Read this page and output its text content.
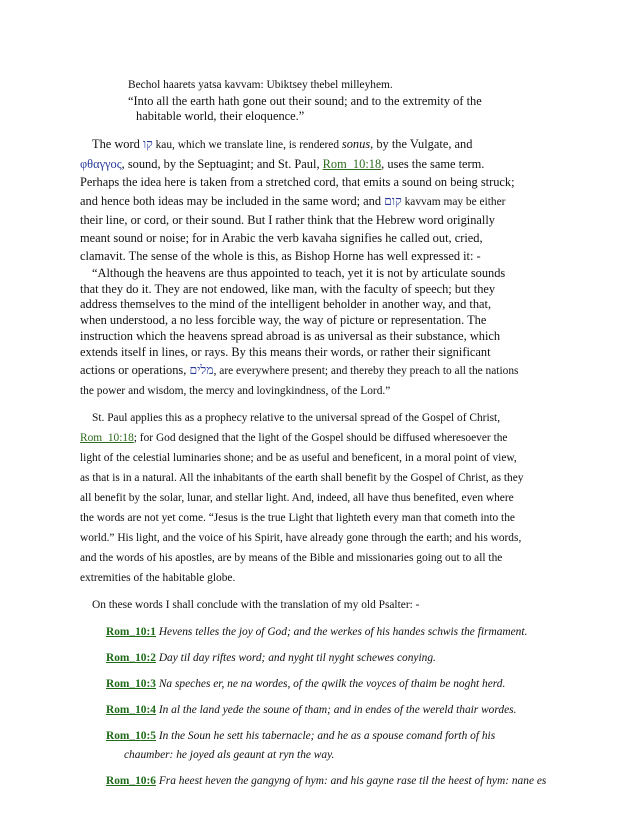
Bechol haarets yatsa kavvam: Ubiktsey thebel milleyhem.
“Into all the earth hath gone out their sound; and to the extremity of the
habitable world, their eloquence.”
The word קו kau, which we translate line, is rendered sonus, by the Vulgate, and
φθαγγος, sound, by the Septuagint; and St. Paul, Rom_10:18, uses the same term.
Perhaps the idea here is taken from a stretched cord, that emits a sound on being struck;
and hence both ideas may be included in the same word; and קום kavvam may be either
their line, or cord, or their sound. But I rather think that the Hebrew word originally
meant sound or noise; for in Arabic the verb kavaha signifies he called out, cried,
clamavit. The sense of the whole is this, as Bishop Horne has well expressed it: -
“Although the heavens are thus appointed to teach, yet it is not by articulate sounds
that they do it. They are not endowed, like man, with the faculty of speech; but they
address themselves to the mind of the intelligent beholder in another way, and that,
when understood, a no less forcible way, the way of picture or representation. The
instruction which the heavens spread abroad is as universal as their substance, which
extends itself in lines, or rays. By this means their words, or rather their significant
actions or operations, מלים, are everywhere present; and thereby they preach to all the nations
the power and wisdom, the mercy and lovingkindness, of the Lord.”
St. Paul applies this as a prophecy relative to the universal spread of the Gospel of Christ,
Rom_10:18; for God designed that the light of the Gospel should be diffused wheresoever the
light of the celestial luminaries shone; and be as useful and beneficent, in a moral point of view,
as that is in a natural. All the inhabitants of the earth shall benefit by the Gospel of Christ, as they
all benefit by the solar, lunar, and stellar light. And, indeed, all have thus benefited, even where
the words are not yet come. “Jesus is the true Light that lighteth every man that cometh into the
world.” His light, and the voice of his Spirit, have already gone through the earth; and his words,
and the words of his apostles, are by means of the Bible and missionaries going out to all the
extremities of the habitable globe.
On these words I shall conclude with the translation of my old Psalter: -
Rom_10:1 Hevens telles the joy of God; and the werkes of his handes schwis the firmament.
Rom_10:2 Day til day riftes word; and nyght til nyght schewes conying.
Rom_10:3 Na speches er, ne na wordes, of the qwilk the voyces of thaim be noght herd.
Rom_10:4 In al the land yede the soune of tham; and in endes of the wereld thair wordes.
Rom_10:5 In the Soun he sett his tabernacle; and he as a spouse comand forth of his
chaumber: he joyed als geaunt at ryn the way.
Rom_10:6 Fra heest heven the gangyng of hym: and his gayne rase til the heest of hym: nane es
